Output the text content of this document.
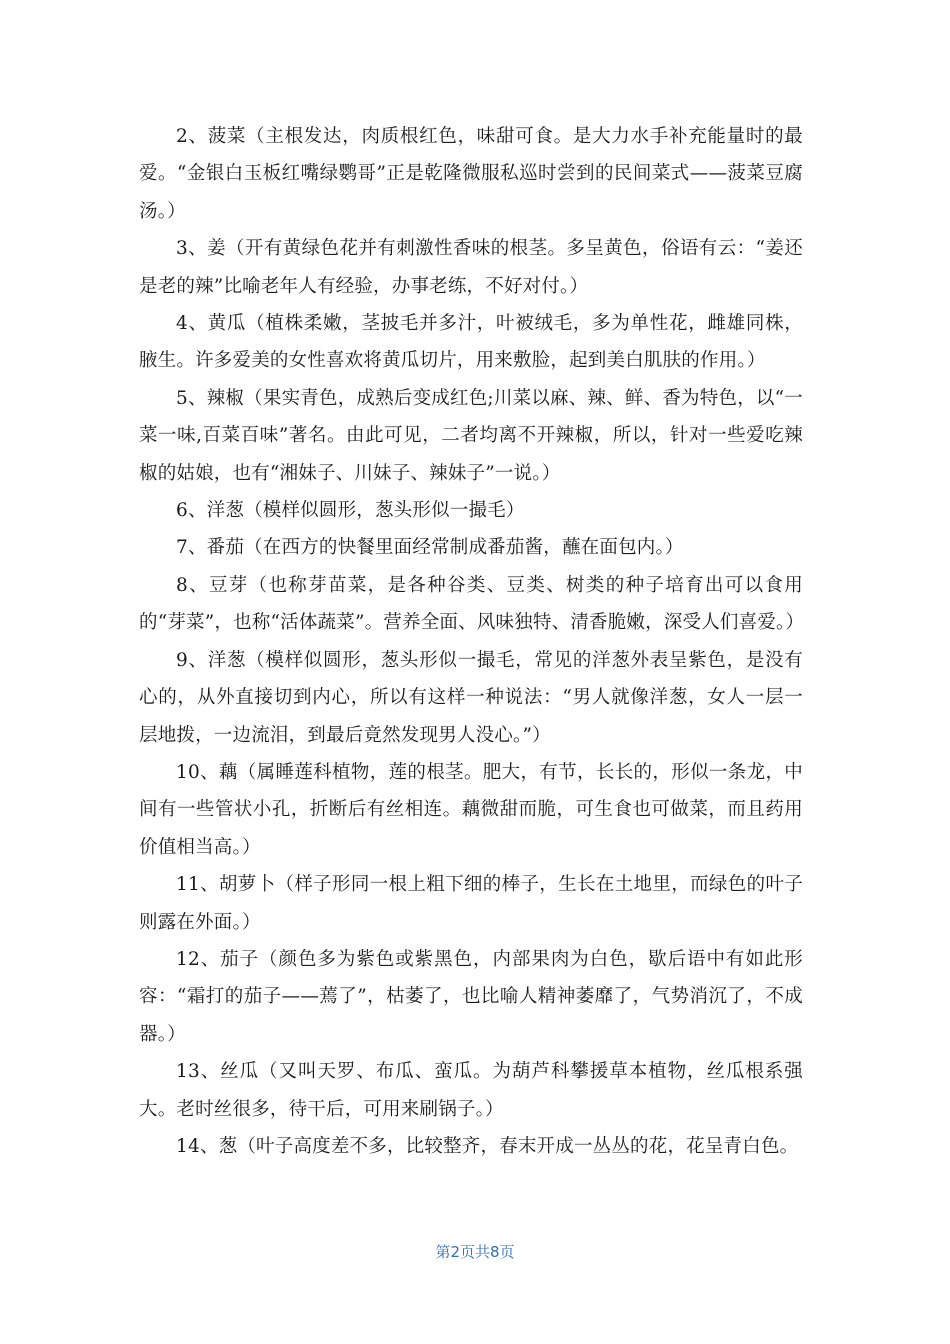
2、菠菜（主根发达，肉质根红色，味甜可食。是大力水手补充能量时的最爱。“金银白玉板红嘴绿鹦哥”正是乾隆微服私巡时尝到的民间菜式——菠菜豆腐汤。）

3、姜（开有黄绿色花并有刺激性香味的根茎。多呈黄色，俗语有云：“姜还是老的辣”比喻老年人有经验，办事老练，不好对付。）

4、黄瓜（植株柔嫩，茎披毛并多汁，叶被绒毛，多为单性花，雌雄同株，腋生。许多爱美的女性喜欢将黄瓜切片，用来敷脸，起到美白肌肤的作用。）

5、辣椒（果实青色，成熟后变成红色;川菜以麻、辣、鲜、香为特色，以“一菜一味,百菜百味”著名。由此可见，二者均离不开辣椒，所以，针对一些爱吃辣椒的姑娘，也有“湘妹子、川妹子、辣妹子”一说。）

6、洋葱（模样似圆形，葱头形似一撮毛）

7、番茄（在西方的快餐里面经常制成番茄酱，蘸在面包内。）

8、豆芽（也称芽苗菜，是各种谷类、豆类、树类的种子培育出可以食用的“芽菜”，也称“活体蔬菜”。营养全面、风味独特、清香脆嫩，深受人们喜爱。）

9、洋葱（模样似圆形，葱头形似一撮毛，常见的洋葱外表呈紫色，是没有心的，从外直接切到内心，所以有这样一种说法：“男人就像洋葱，女人一层一层地拨，一边流泪，到最后竟然发现男人没心。”）

10、藕（属睡莲科植物，莲的根茎。肥大，有节，长长的，形似一条龙，中间有一些管状小孔，折断后有丝相连。藕微甜而脆，可生食也可做菜，而且药用价值相当高。）

11、胡萝卜（样子形同一根上粗下细的棒子，生长在土地里，而绿色的叶子则露在外面。）

12、茄子（颜色多为紫色或紫黑色，内部果肉为白色，歇后语中有如此形容：“霜打的茄子——蔫了”，枯萎了，也比喻人精神萎靡了，气势消沉了，不成器。）

13、丝瓜（又叫天罗、布瓜、蛮瓜。为葫芦科攀援草本植物，丝瓜根系强大。老时丝很多，待干后，可用来刷锅子。）

14、葱（叶子高度差不多，比较整齐，春末开成一丛丛的花，花呈青白色。

第2页共8页
